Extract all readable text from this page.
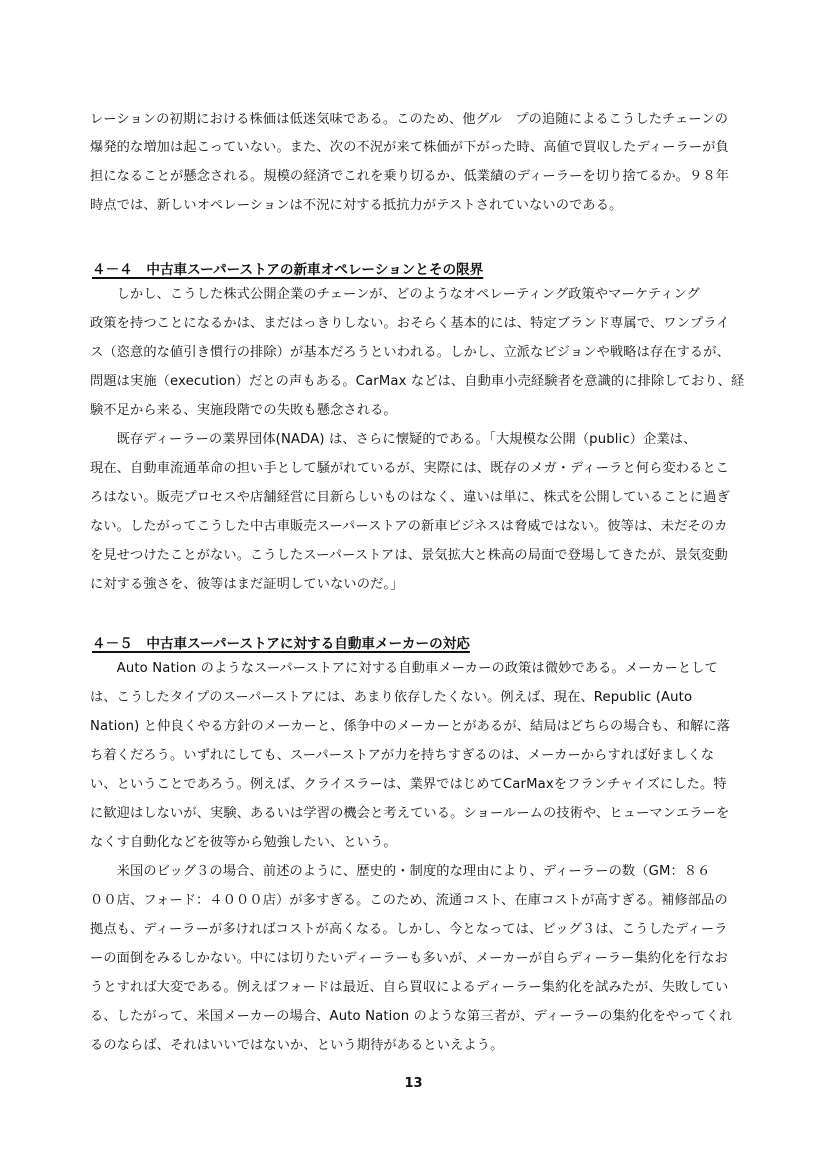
レーションの初期における株価は低迷気味である。このため、他グル　プの追随によるこうしたチェーンの
爆発的な増加は起こっていない。また、次の不況が来て株価が下がった時、高値で買収したディーラーが負
担になることが懸念される。規模の経済でこれを乗り切るか、低業績のディーラーを切り捨てるか。９８年
時点では、新しいオペレーションは不況に対する抵抗力がテストされていないのである。
４－４　中古車スーパーストアの新車オペレーションとその限界
　　しかし、こうした株式公開企業のチェーンが、どのようなオペレーティング政策やマーケティング
政策を持つことになるかは、まだはっきりしない。おそらく基本的には、特定ブランド専属で、ワンプライ
ス（恣意的な値引き慣行の排除）が基本だろうといわれる。しかし、立派なビジョンや戦略は存在するが、
問題は実施（execution）だとの声もある。CarMax などは、自動車小売経験者を意識的に排除しており、経
験不足から来る、実施段階での失敗も懸念される。
　　既存ディーラーの業界団体(NADA) は、さらに懐疑的である。「大規模な公開（public）企業は、
現在、自動車流通革命の担い手として騒がれているが、実際には、既存のメガ・ディーラと何ら変わるとこ
ろはない。販売プロセスや店舗経営に目新らしいものはなく、違いは単に、株式を公開していることに過ぎ
ない。したがってこうした中古車販売スーパーストアの新車ビジネスは脅威ではない。彼等は、未だそのカ
を見せつけたことがない。こうしたスーパーストアは、景気拡大と株高の局面で登場してきたが、景気変動
に対する強さを、彼等はまだ証明していないのだ。」
４－５　中古車スーパーストアに対する自動車メーカーの対応
　　Auto Nation のようなスーパーストアに対する自動車メーカーの政策は微妙である。メーカーとして
は、こうしたタイプのスーパーストアには、あまり依存したくない。例えば、現在、Republic (Auto
Nation) と仲良くやる方針のメーカーと、係争中のメーカーとがあるが、結局はどちらの場合も、和解に落
ち着くだろう。いずれにしても、スーパーストアが力を持ちすぎるのは、メーカーからすれば好ましくな
い、ということであろう。例えば、クライスラーは、業界ではじめてCarMaxをフランチャイズにした。特
に歓迎はしないが、実験、あるいは学習の機会と考えている。ショールームの技術や、ヒューマンエラーを
なくす自動化などを彼等から勉強したい、という。
　　米国のビッグ３の場合、前述のように、歴史的・制度的な理由により、ディーラーの数（GM：８６
００店、フォード：４０００店）が多すぎる。このため、流通コスト、在庫コストが高すぎる。補修部品の
拠点も、ディーラーが多ければコストが高くなる。しかし、今となっては、ビッグ３は、こうしたディーラ
ーの面倒をみるしかない。中には切りたいディーラーも多いが、メーカーが自らディーラー集約化を行なお
うとすれば大変である。例えばフォードは最近、自ら買収によるディーラー集約化を試みたが、失敗してい
る、したがって、米国メーカーの場合、Auto Nation のような第三者が、ディーラーの集約化をやってくれ
るのならば、それはいいではないか、という期待があるといえよう。
13
